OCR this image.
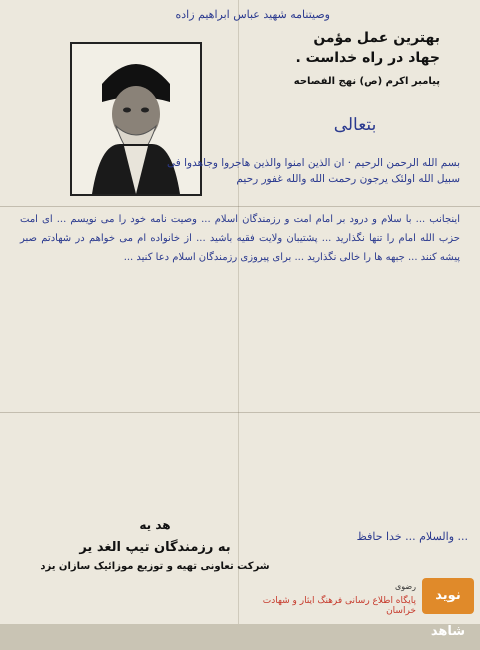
وصیتنامه شهید عباس ابراهیم زاده
بهترین عمل مؤمن
جهاد در راه خداست .
پیامبر اکرم (ص) نهج الفصاحه
بتعالی
بسم الله الرحمن الرحیم · ان الذین امنوا والذین هاجروا وجاهدوا فی سبیل الله اولئک یرجون رحمت الله والله غفور رحیم
اینجانب ... با سلام و درود بر امام امت و رزمندگان اسلام ... وصیت نامه خود را می نویسم ... ای امت حزب الله امام را تنها نگذارید ... پشتیبان ولایت فقیه باشید ... از خانواده ام می خواهم در شهادتم صبر پیشه کنند ... جبهه ها را خالی نگذارید ... برای پیروزی رزمندگان اسلام دعا کنید ...
هد یه
به رزمندگان تیپ الغد یر
شرکت تعاونی تهیه و توزیع موزائیک سازان یزد
... والسلام ... خدا حافظ
نوید شاهد
رضوی
پایگاه اطلاع رسانی فرهنگ ایثار و شهادت خراسان
